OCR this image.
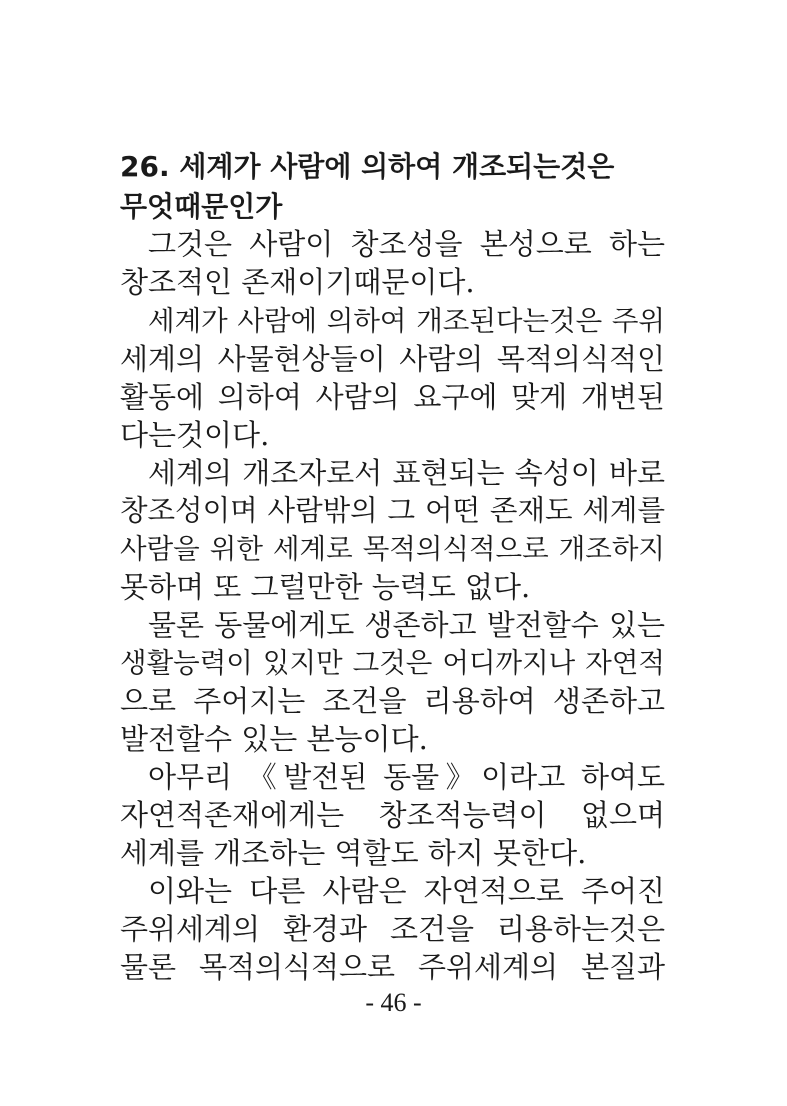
26. 세계가 사람에 의하여 개조되는것은
무엇때문인가
그것은 사람이 창조성을 본성으로 하는
창조적인 존재이기때문이다.
세계가 사람에 의하여 개조된다는것은 주위
세계의 사물현상들이 사람의 목적의식적인
활동에 의하여 사람의 요구에 맞게 개변된
다는것이다.
세계의 개조자로서 표현되는 속성이 바로
창조성이며 사람밖의 그 어떤 존재도 세계를
사람을 위한 세계로 목적의식적으로 개조하지
못하며 또 그럴만한 능력도 없다.
물론 동물에게도 생존하고 발전할수 있는
생활능력이 있지만 그것은 어디까지나 자연적
으로 주어지는 조건을 리용하여 생존하고
발전할수 있는 본능이다.
아무리 《발전된 동물》이라고 하여도
자연적존재에게는 창조적능력이 없으며
세계를 개조하는 역할도 하지 못한다.
이와는 다른 사람은 자연적으로 주어진
주위세계의 환경과 조건을 리용하는것은
물론 목적의식적으로 주위세계의 본질과
- 46 -
